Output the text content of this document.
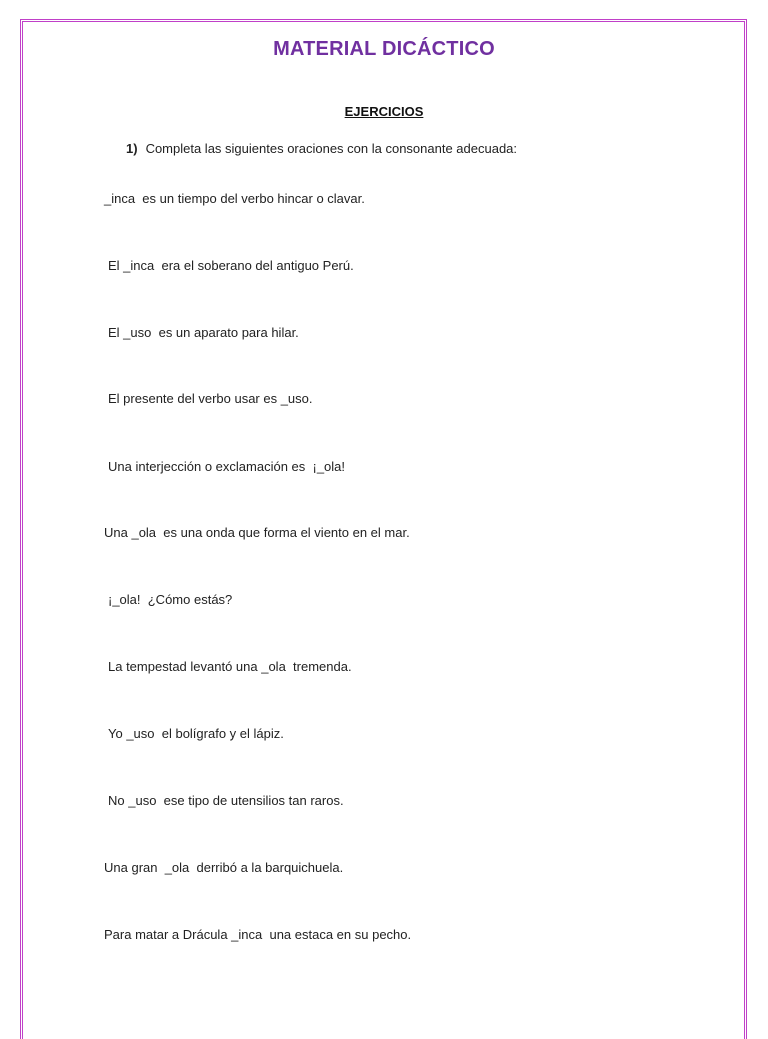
MATERIAL DICÁCTICO
EJERCICIOS
1) Completa las siguientes oraciones con la consonante adecuada:
_inca  es un tiempo del verbo hincar o clavar.
El _inca  era el soberano del antiguo Perú.
El _uso  es un aparato para hilar.
El presente del verbo usar es _uso.
Una interjección o exclamación es  ¡_ola!
Una _ola  es una onda que forma el viento en el mar.
¡_ola!  ¿Cómo estás?
La tempestad levantó una _ola  tremenda.
Yo _uso  el bolígrafo y el lápiz.
No _uso  ese tipo de utensilios tan raros.
Una gran  _ola  derribó a la barquichuela.
Para matar a Drácula _inca  una estaca en su pecho.
